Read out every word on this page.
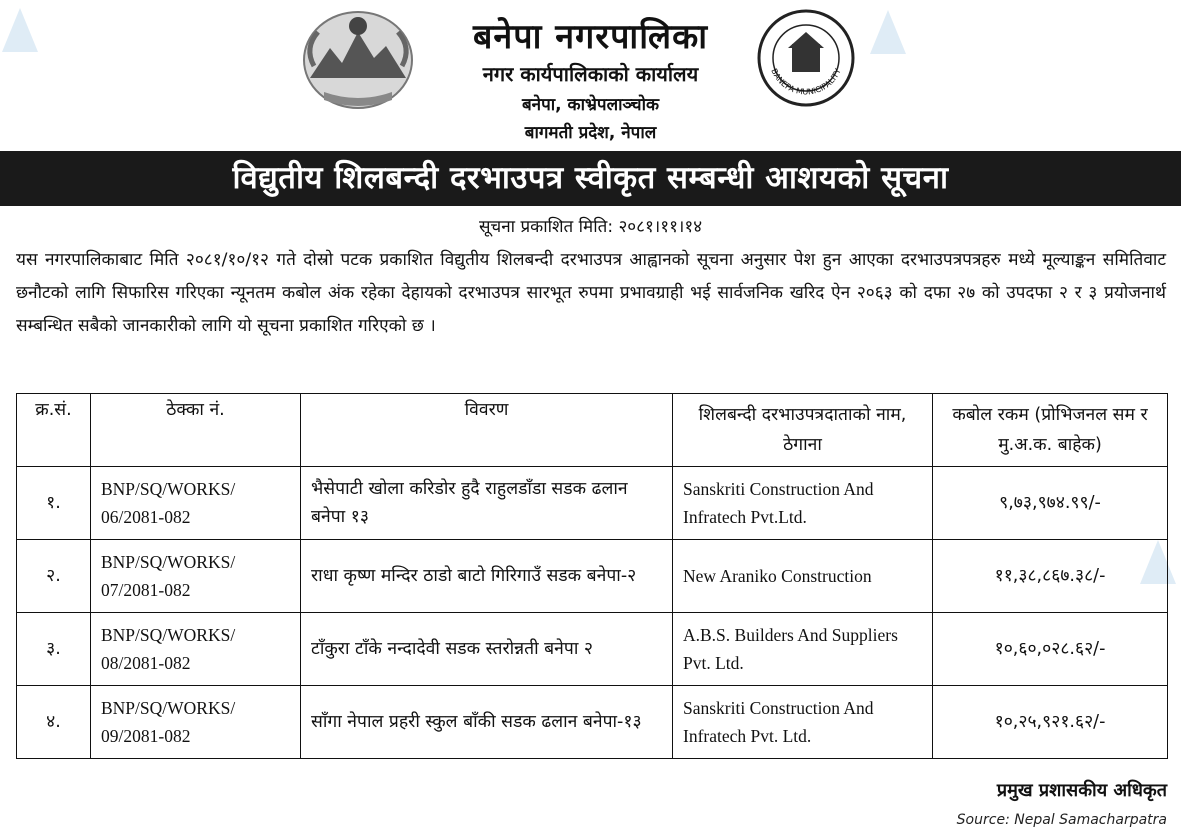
बनेपा नगरपालिका
नगर कार्यपालिकाको कार्यालय
बनेपा, काभ्रेपलाञ्चोक
बागमती प्रदेश, नेपाल
BANEPA MUNICIPALITY
विद्युतीय शिलबन्दी दरभाउपत्र स्वीकृत सम्बन्धी आशयको सूचना
सूचना प्रकाशित मिति: २०८१।११।१४
यस नगरपालिकाबाट मिति २०८१/१०/१२ गते दोस्रो पटक प्रकाशित विद्युतीय शिलबन्दी दरभाउपत्र आह्वानको सूचना अनुसार पेश हुन आएका दरभाउपत्रपत्रहरु मध्ये मूल्याङ्कन समितिवाट छनौटको लागि सिफारिस गरिएका न्यूनतम कबोल अंक रहेका देहायको दरभाउपत्र सारभूत रुपमा प्रभावग्राही भई सार्वजनिक खरिद ऐन २०६३ को दफा २७ को उपदफा २ र ३ प्रयोजनार्थ सम्बन्धित सबैको जानकारीको लागि यो सूचना प्रकाशित गरिएको छ ।
क्र.सं.	ठेक्का नं.	विवरण	शिलबन्दी दरभाउपत्रदाताको नाम, ठेगाना	कबोल रकम (प्रोभिजनल सम र मु.अ.क. बाहेक)
१.	BNP/SQ/WORKS/ 06/2081-082	भैसेपाटी खोला करिडोर हुदै राहुलडाँडा सडक ढलान बनेपा १३	Sanskriti Construction And Infratech Pvt.Ltd.	९,७३,९७४.९९/-
२.	BNP/SQ/WORKS/ 07/2081-082	राधा कृष्ण मन्दिर ठाडो बाटो गिरिगाउँ सडक बनेपा-२	New Araniko Construction	११,३८,८६७.३८/-
३.	BNP/SQ/WORKS/ 08/2081-082	टाँकुरा टाँके नन्दादेवी सडक स्तरोन्नती बनेपा २	A.B.S. Builders And Suppliers Pvt. Ltd.	१०,६०,०२८.६२/-
४.	BNP/SQ/WORKS/ 09/2081-082	साँगा नेपाल प्रहरी स्कुल बाँकी सडक ढलान बनेपा-१३	Sanskriti Construction And Infratech Pvt. Ltd.	१०,२५,९२१.६२/-
प्रमुख प्रशासकीय अधिकृत
Source: Nepal Samacharpatra
